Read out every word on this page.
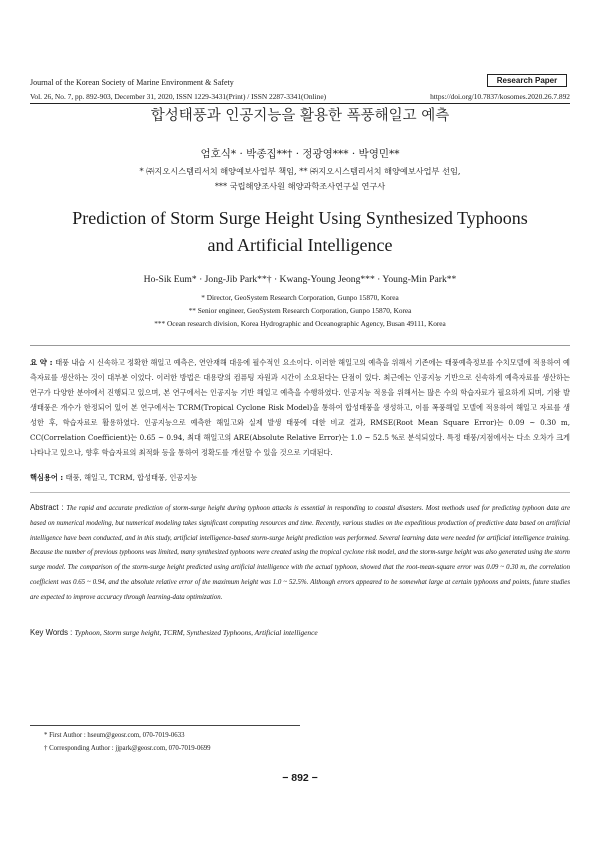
Journal of the Korean Society of Marine Environment & Safety	Research Paper
Vol. 26, No. 7, pp. 892-903, December 31, 2020, ISSN 1229-3431(Print) / ISSN 2287-3341(Online)	https://doi.org/10.7837/kosomes.2020.26.7.892
합성태풍과 인공지능을 활용한 폭풍해일고 예측
엄호식* · 박종집**† · 정광영*** · 박영민**
* ㈜지오시스템리서치 해양예보사업부 책임, ** ㈜지오시스템리서치 해양예보사업부 선임,
*** 국립해양조사원 해양과학조사연구실 연구사
Prediction of Storm Surge Height Using Synthesized Typhoons
and Artificial Intelligence
Ho-Sik Eum* · Jong-Jib Park**† · Kwang-Young Jeong*** · Young-Min Park**
* Director, GeoSystem Research Corporation, Gunpo 15870, Korea
** Senior engineer, GeoSystem Research Corporation, Gunpo 15870, Korea
*** Ocean research division, Korea Hydrographic and Oceanographic Agency, Busan 49111, Korea
요 약 : 태풍 내습 시 신속하고 정확한 해일고 예측은, 연안재해 대응에 필수적인 요소이다. 이러한 해일고의 예측을 위해서 기존에는 태풍예측정보를 수치모델에 적용하여 예측자료를 생산하는 것이 대부분 이었다. 이러한 방법은 대용량의 컴퓨팅 자원과 시간이 소요된다는 단점이 있다. 최근에는 인공지능 기반으로 신속하게 예측자료를 생산하는 연구가 다양한 분야에서 진행되고 있으며, 본 연구에서는 인공지능 기반 해일고 예측을 수행하였다. 인공지능 적용을 위해서는 많은 수의 학습자료가 필요하게 되며, 기왕 발생태풍은 개수가 한정되어 있어 본 연구에서는 TCRM(Tropical Cyclone Risk Model)을 통하여 합성태풍을 생성하고, 이를 폭풍해일 모델에 적용하여 해일고 자료를 생성한 후, 학습자료로 활용하였다. 인공지능으로 예측한 해일고와 실제 발생 태풍에 대한 비교 결과, RMSE(Root Mean Square Error)는 0.09 ~ 0.30 m, CC(Correlation Coefficient)는 0.65 ~ 0.94, 최대 해일고의 ARE(Absolute Relative Error)는 1.0 ~ 52.5 %로 분석되었다. 특정 태풍/지점에서는 다소 오차가 크게 나타나고 있으나, 향후 학습자료의 최적화 등을 통하여 정확도를 개선할 수 있을 것으로 기대된다.
핵심용어 : 태풍, 해일고, TCRM, 합성태풍, 인공지능
Abstract : The rapid and accurate prediction of storm-surge height during typhoon attacks is essential in responding to coastal disasters. Most methods used for predicting typhoon data are based on numerical modeling, but numerical modeling takes significant computing resources and time. Recently, various studies on the expeditious production of predictive data based on artificial intelligence have been conducted, and in this study, artificial intelligence-based storm-surge height prediction was performed. Several learning data were needed for artificial intelligence training. Because the number of previous typhoons was limited, many synthesized typhoons were created using the tropical cyclone risk model, and the storm-surge height was also generated using the storm surge model. The comparison of the storm-surge height predicted using artificial intelligence with the actual typhoon, showed that the root-mean-square error was 0.09 ~ 0.30 m, the correlation coefficient was 0.65 ~ 0.94, and the absolute relative error of the maximum height was 1.0 ~ 52.5%. Although errors appeared to be somewhat large at certain typhoons and points, future studies are expected to improve accuracy through learning-data optimization.
Key Words : Typhoon, Storm surge height, TCRM, Synthesized Typhoons, Artificial intelligence
* First Author : hseum@geosr.com, 070-7019-0633
† Corresponding Author : jjpark@geosr.com, 070-7019-0699
− 892 −
